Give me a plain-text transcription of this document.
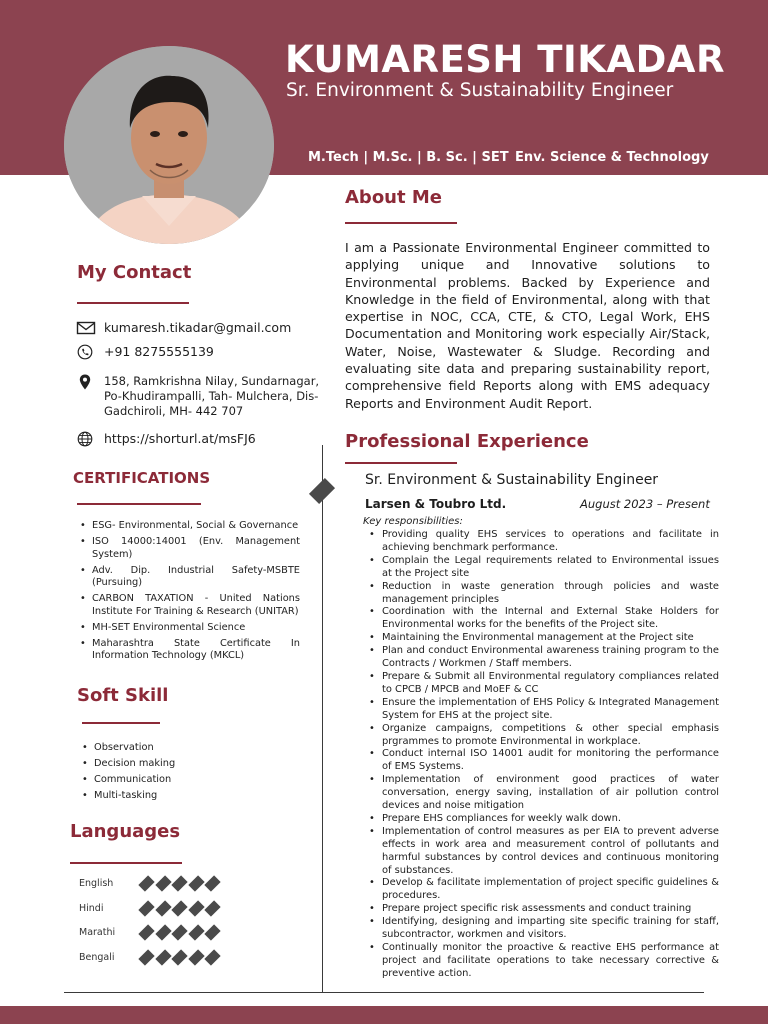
KUMARESH TIKADAR
Sr. Environment & Sustainability Engineer
M.Tech | M.Sc. | B. Sc. | SET Env. Science & Technology
My Contact
kumaresh.tikadar@gmail.com
+91 8275555139
158, Ramkrishna Nilay, Sundarnagar, Po-Khudirampalli, Tah- Mulchera, Dis- Gadchiroli, MH- 442 707
https://shorturl.at/msFJ6
CERTIFICATIONS
• ESG- Environmental, Social & Governance
• ISO 14000:14001 (Env. Management System)
• Adv. Dip. Industrial Safety-MSBTE (Pursuing)
• CARBON TAXATION - United Nations Institute For Training & Research (UNITAR)
• MH-SET Environmental Science
• Maharashtra State Certificate In Information Technology (MKCL)
Soft Skill
• Observation
• Decision making
• Communication
• Multi-tasking
Languages
English
Hindi
Marathi
Bengali
About Me
I am a Passionate Environmental Engineer committed to applying unique and Innovative solutions to Environmental problems. Backed by Experience and Knowledge in the field of Environmental, along with that expertise in NOC, CCA, CTE, & CTO, Legal Work, EHS Documentation and Monitoring work especially Air/Stack, Water, Noise, Wastewater & Sludge. Recording and evaluating site data and preparing sustainability report, comprehensive field Reports along with EMS adequacy Reports and Environment Audit Report.
Professional Experience
Sr. Environment & Sustainability Engineer
Larsen & Toubro Ltd.	August 2023 – Present
Key responsibilities:
• Providing quality EHS services to operations and facilitate in achieving benchmark performance.
• Complain the Legal requirements related to Environmental issues at the Project site
• Reduction in waste generation through policies and waste management principles
• Coordination with the Internal and External Stake Holders for Environmental works for the benefits of the Project site.
• Maintaining the Environmental management at the Project site
• Plan and conduct Environmental awareness training program to the Contracts / Workmen / Staff members.
• Prepare & Submit all Environmental regulatory compliances related to CPCB / MPCB and MoEF & CC
• Ensure the implementation of EHS Policy & Integrated Management System for EHS at the project site.
• Organize campaigns, competitions & other special emphasis prgrammes to promote Environmental in workplace.
• Conduct internal ISO 14001 audit for monitoring the performance of EMS Systems.
• Implementation of environment good practices of water conversation, energy saving, installation of air pollution control devices and noise mitigation
• Prepare EHS compliances for weekly walk down.
• Implementation of control measures as per EIA to prevent adverse effects in work area and measurement control of pollutants and harmful substances by control devices and continuous monitoring of substances.
• Develop & facilitate implementation of project specific guidelines & procedures.
• Prepare project specific risk assessments and conduct training
• Identifying, designing and imparting site specific training for staff, subcontractor, workmen and visitors.
• Continually monitor the proactive & reactive EHS performance at project and facilitate operations to take necessary corrective & preventive action.
